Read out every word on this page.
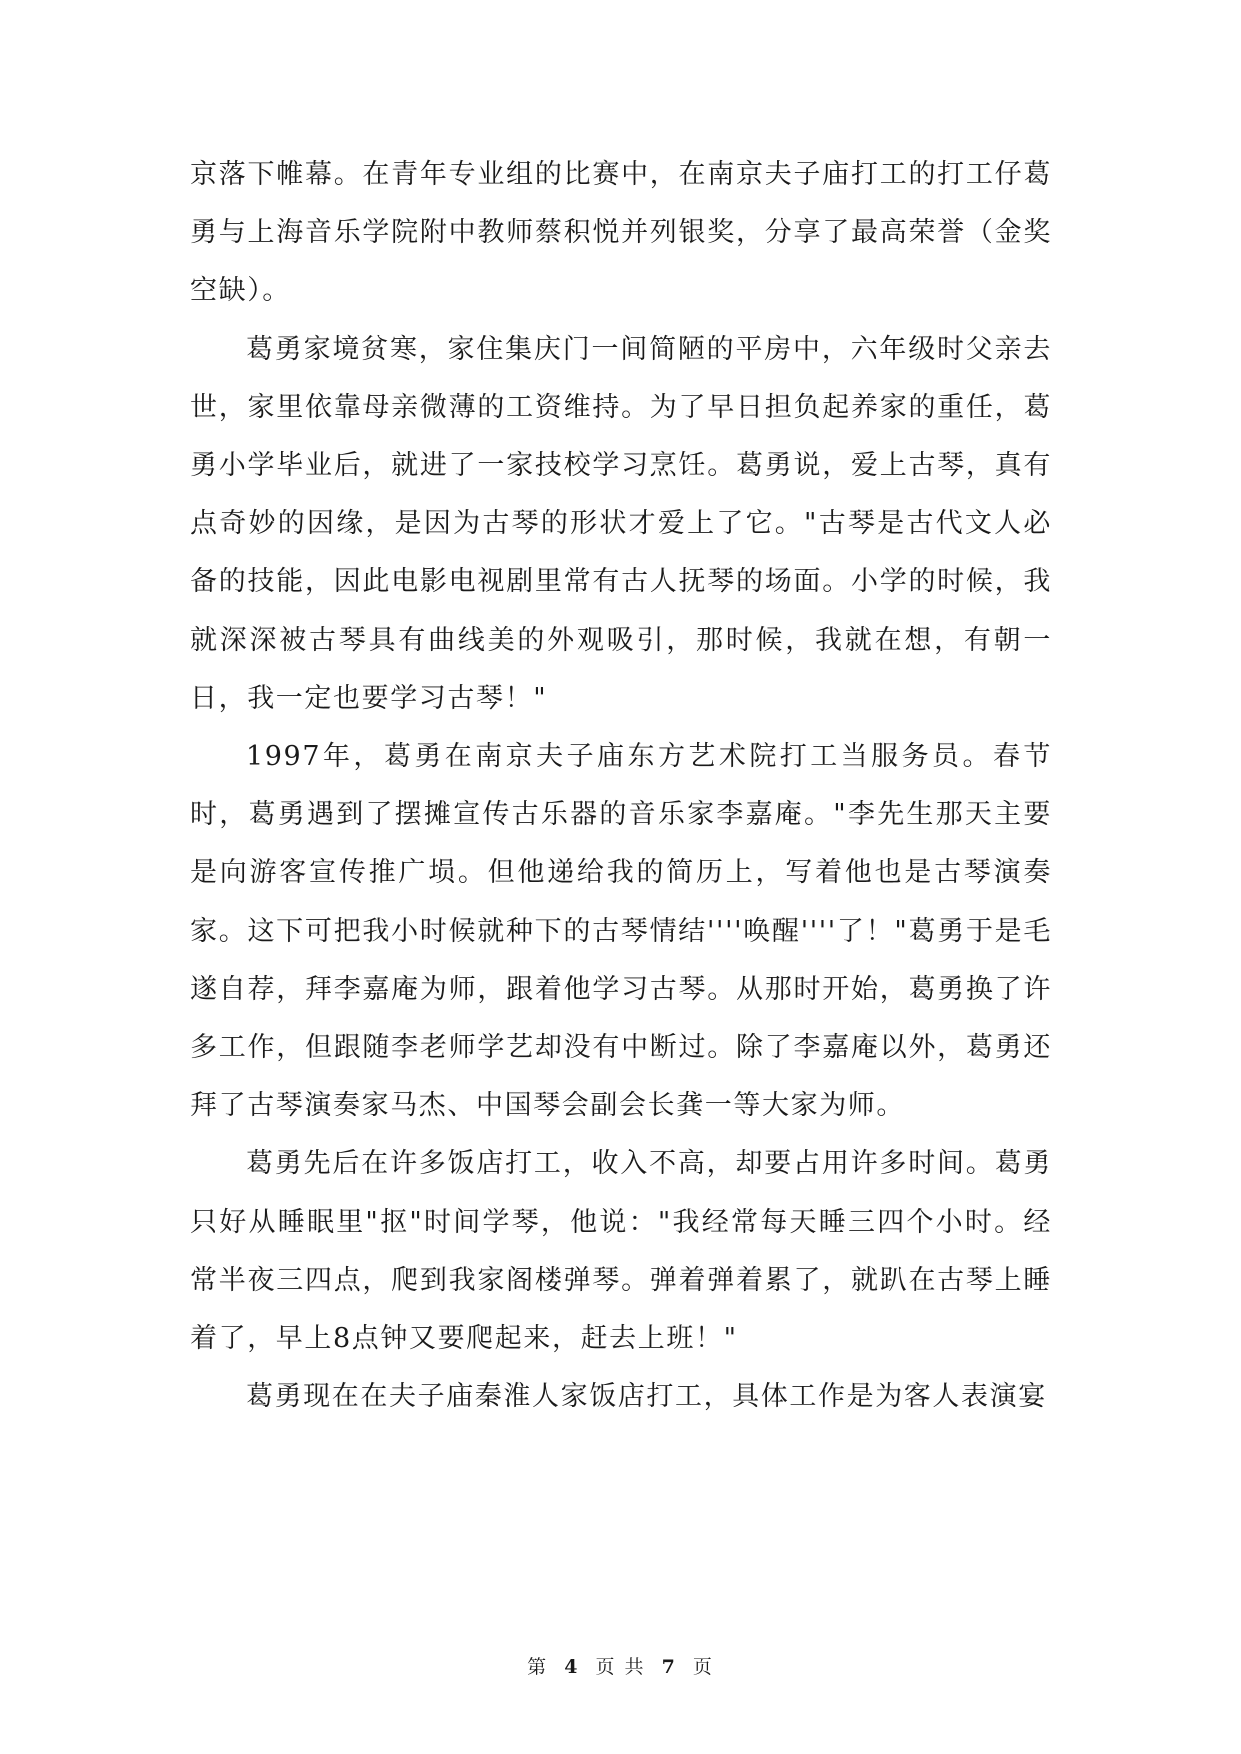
京落下帷幕。在青年专业组的比赛中，在南京夫子庙打工的打工仔葛勇与上海音乐学院附中教师蔡积悦并列银奖，分享了最高荣誉（金奖空缺）。

葛勇家境贫寒，家住集庆门一间简陋的平房中，六年级时父亲去世，家里依靠母亲微薄的工资维持。为了早日担负起养家的重任，葛勇小学毕业后，就进了一家技校学习烹饪。葛勇说，爱上古琴，真有点奇妙的因缘，是因为古琴的形状才爱上了它。"古琴是古代文人必备的技能，因此电影电视剧里常有古人抚琴的场面。小学的时候，我就深深被古琴具有曲线美的外观吸引，那时候，我就在想，有朝一日，我一定也要学习古琴！"

1997年，葛勇在南京夫子庙东方艺术院打工当服务员。春节时，葛勇遇到了摆摊宣传古乐器的音乐家李嘉庵。"李先生那天主要是向游客宣传推广埙。但他递给我的简历上，写着他也是古琴演奏家。这下可把我小时候就种下的古琴情结''''唤醒''''了！"葛勇于是毛遂自荐，拜李嘉庵为师，跟着他学习古琴。从那时开始，葛勇换了许多工作，但跟随李老师学艺却没有中断过。除了李嘉庵以外，葛勇还拜了古琴演奏家马杰、中国琴会副会长龚一等大家为师。

葛勇先后在许多饭店打工，收入不高，却要占用许多时间。葛勇只好从睡眠里"抠"时间学琴，他说："我经常每天睡三四个小时。经常半夜三四点，爬到我家阁楼弹琴。弹着弹着累了，就趴在古琴上睡着了，早上8点钟又要爬起来，赶去上班！"

葛勇现在在夫子庙秦淮人家饭店打工，具体工作是为客人表演宴

第 4 页 共 7 页
